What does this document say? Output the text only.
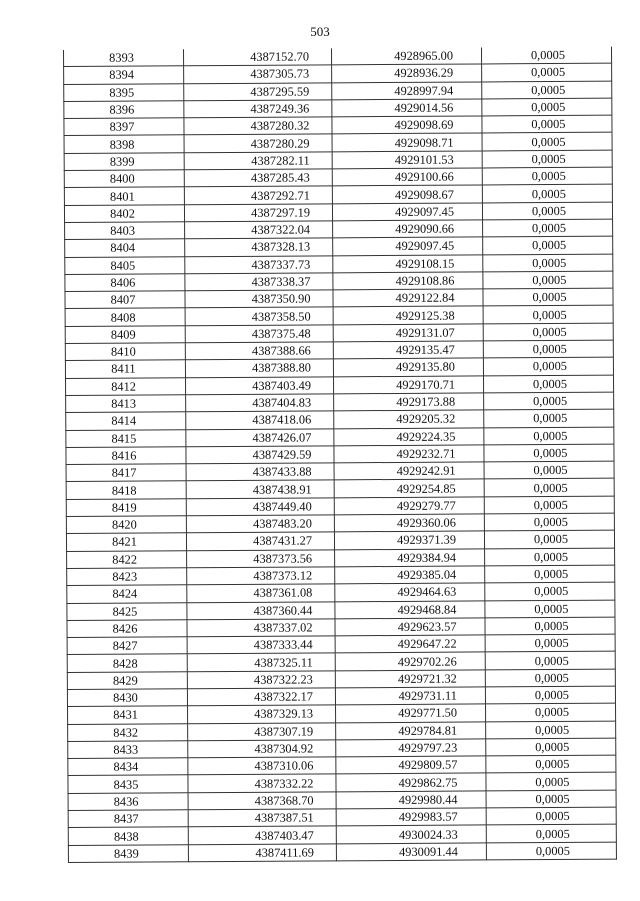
503
8393	4387152.70	4928965.00	0,0005
8394	4387305.73	4928936.29	0,0005
8395	4387295.59	4928997.94	0,0005
8396	4387249.36	4929014.56	0,0005
8397	4387280.32	4929098.69	0,0005
8398	4387280.29	4929098.71	0,0005
8399	4387282.11	4929101.53	0,0005
8400	4387285.43	4929100.66	0,0005
8401	4387292.71	4929098.67	0,0005
8402	4387297.19	4929097.45	0,0005
8403	4387322.04	4929090.66	0,0005
8404	4387328.13	4929097.45	0,0005
8405	4387337.73	4929108.15	0,0005
8406	4387338.37	4929108.86	0,0005
8407	4387350.90	4929122.84	0,0005
8408	4387358.50	4929125.38	0,0005
8409	4387375.48	4929131.07	0,0005
8410	4387388.66	4929135.47	0,0005
8411	4387388.80	4929135.80	0,0005
8412	4387403.49	4929170.71	0,0005
8413	4387404.83	4929173.88	0,0005
8414	4387418.06	4929205.32	0,0005
8415	4387426.07	4929224.35	0,0005
8416	4387429.59	4929232.71	0,0005
8417	4387433.88	4929242.91	0,0005
8418	4387438.91	4929254.85	0,0005
8419	4387449.40	4929279.77	0,0005
8420	4387483.20	4929360.06	0,0005
8421	4387431.27	4929371.39	0,0005
8422	4387373.56	4929384.94	0,0005
8423	4387373.12	4929385.04	0,0005
8424	4387361.08	4929464.63	0,0005
8425	4387360.44	4929468.84	0,0005
8426	4387337.02	4929623.57	0,0005
8427	4387333.44	4929647.22	0,0005
8428	4387325.11	4929702.26	0,0005
8429	4387322.23	4929721.32	0,0005
8430	4387322.17	4929731.11	0,0005
8431	4387329.13	4929771.50	0,0005
8432	4387307.19	4929784.81	0,0005
8433	4387304.92	4929797.23	0,0005
8434	4387310.06	4929809.57	0,0005
8435	4387332.22	4929862.75	0,0005
8436	4387368.70	4929980.44	0,0005
8437	4387387.51	4929983.57	0,0005
8438	4387403.47	4930024.33	0,0005
8439	4387411.69	4930091.44	0,0005
